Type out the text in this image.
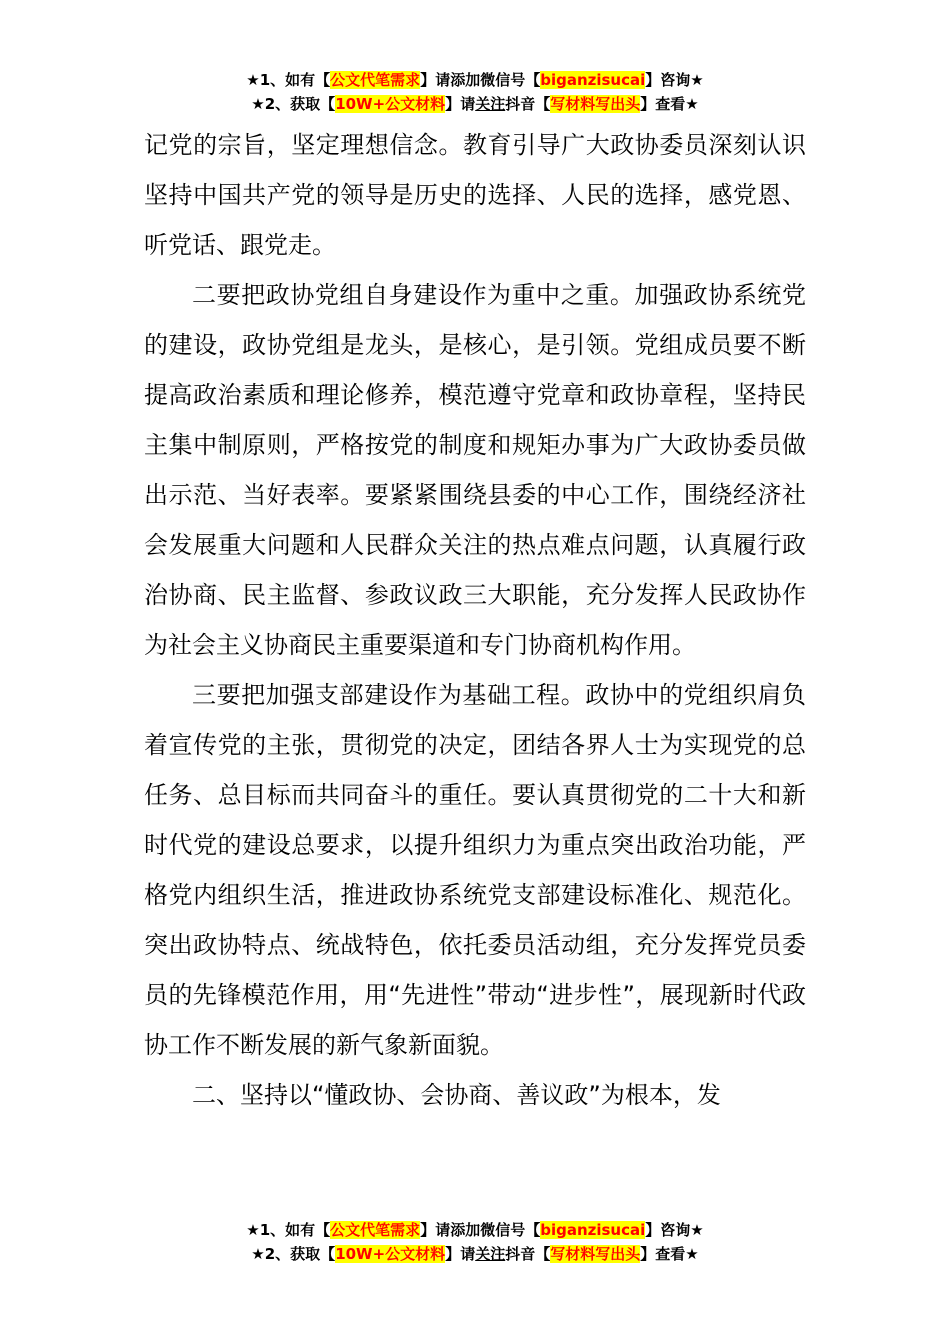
★1、如有【公文代笔需求】请添加微信号【biganzisucai】咨询★
★2、获取【10W+公文材料】请关注抖音【写材料写出头】查看★

记党的宗旨，坚定理想信念。教育引导广大政协委员深刻认识坚持中国共产党的领导是历史的选择、人民的选择，感党恩、听党话、跟党走。

二要把政协党组自身建设作为重中之重。加强政协系统党的建设，政协党组是龙头，是核心，是引领。党组成员要不断提高政治素质和理论修养，模范遵守党章和政协章程，坚持民主集中制原则，严格按党的制度和规矩办事为广大政协委员做出示范、当好表率。要紧紧围绕县委的中心工作，围绕经济社会发展重大问题和人民群众关注的热点难点问题，认真履行政治协商、民主监督、参政议政三大职能，充分发挥人民政协作为社会主义协商民主重要渠道和专门协商机构作用。

三要把加强支部建设作为基础工程。政协中的党组织肩负着宣传党的主张，贯彻党的决定，团结各界人士为实现党的总任务、总目标而共同奋斗的重任。要认真贯彻党的二十大和新时代党的建设总要求，以提升组织力为重点突出政治功能，严格党内组织生活，推进政协系统党支部建设标准化、规范化。突出政协特点、统战特色，依托委员活动组，充分发挥党员委员的先锋模范作用，用“先进性”带动“进步性”，展现新时代政协工作不断发展的新气象新面貌。

二、坚持以“懂政协、会协商、善议政”为根本，发

★1、如有【公文代笔需求】请添加微信号【biganzisucai】咨询★
★2、获取【10W+公文材料】请关注抖音【写材料写出头】查看★
